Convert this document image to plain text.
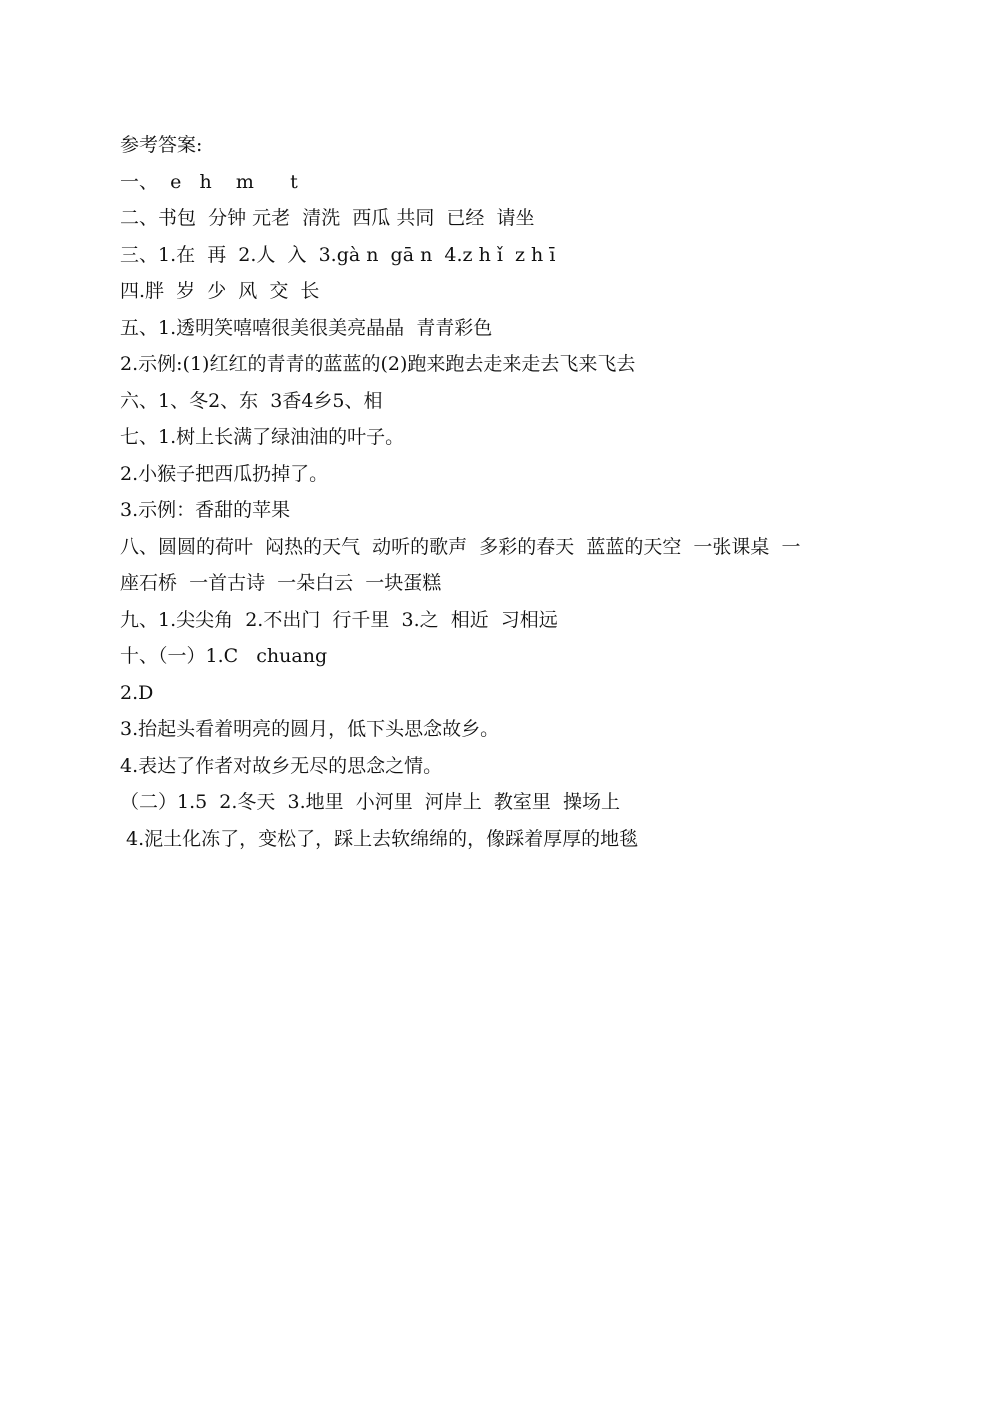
参考答案:
一、  e   h    m      t
二、书包  分钟 元老  清洗  西瓜 共同  已经  请坐
三、1.在  再  2.人  入  3.gà n  gā n  4.z h ǐ  z h ī
四.胖  岁  少  风  交  长
五、1.透明笑嘻嘻很美很美亮晶晶  青青彩色
2.示例:(1)红红的青青的蓝蓝的(2)跑来跑去走来走去飞来飞去
六、1、冬2、东  3香4乡5、相
七、1.树上长满了绿油油的叶子。
2.小猴子把西瓜扔掉了。
3.示例：香甜的苹果
八、圆圆的荷叶  闷热的天气  动听的歌声  多彩的春天  蓝蓝的天空  一张课桌  一
座石桥  一首古诗  一朵白云  一块蛋糕
九、1.尖尖角  2.不出门  行千里  3.之  相近  习相远
十、（一）1.C   chuang
2.D
3.抬起头看着明亮的圆月，低下头思念故乡。
4.表达了作者对故乡无尽的思念之情。
（二）1.5  2.冬天  3.地里  小河里  河岸上  教室里  操场上
4.泥土化冻了，变松了，踩上去软绵绵的，像踩着厚厚的地毯
